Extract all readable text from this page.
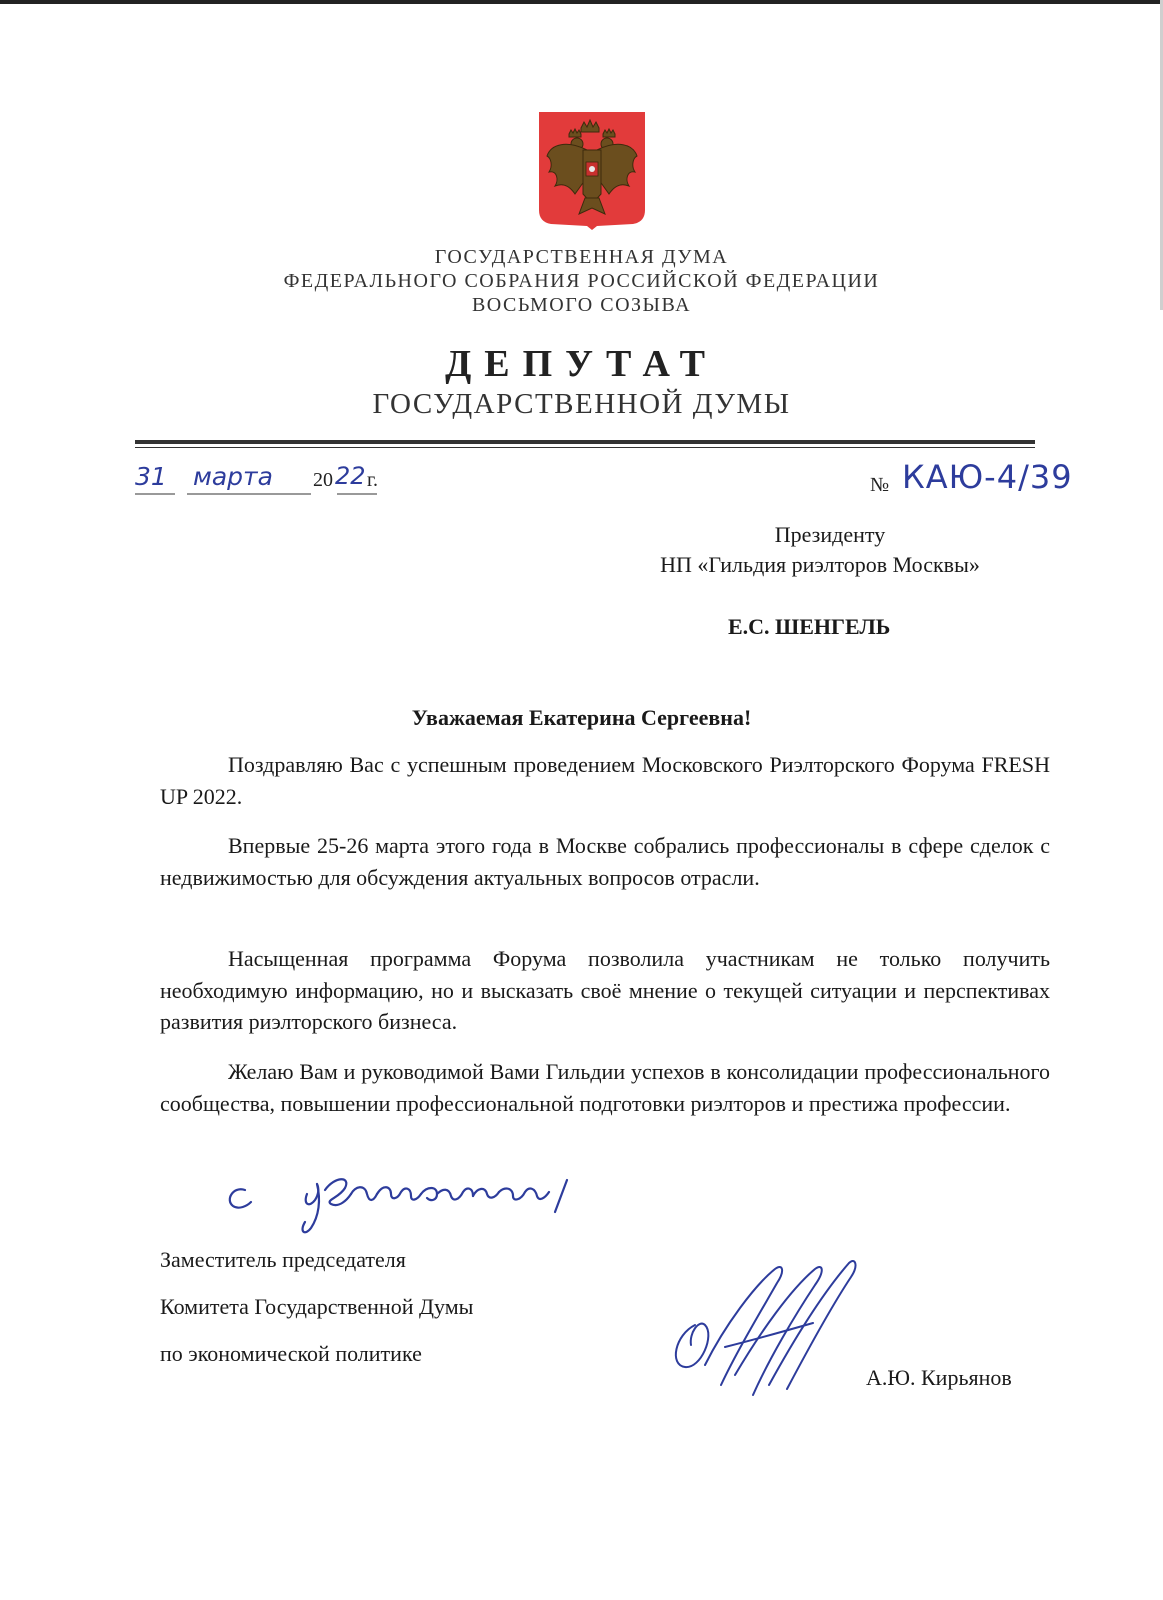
ГОСУДАРСТВЕННАЯ ДУМА
ФЕДЕРАЛЬНОГО СОБРАНИЯ РОССИЙСКОЙ ФЕДЕРАЦИИ
ВОСЬМОГО СОЗЫВА
ДЕПУТАТ
ГОСУДАРСТВЕННОЙ ДУМЫ
31 марта 20 22 г.	№ КАЮ-4/39
Президенту
НП «Гильдия риэлторов Москвы»
Е.С. ШЕНГЕЛЬ
Уважаемая Екатерина Сергеевна!

Поздравляю Вас с успешным проведением Московского Риэлторского Форума FRESH UP 2022.

Впервые 25-26 марта этого года в Москве собрались профессионалы в сфере сделок с недвижимостью для обсуждения актуальных вопросов отрасли.

Насыщенная программа Форума позволила участникам не только получить необходимую информацию, но и высказать своё мнение о текущей ситуации и перспективах развития риэлторского бизнеса.

Желаю Вам и руководимой Вами Гильдии успехов в консолидации профессионального сообщества, повышении профессиональной подготовки риэлторов и престижа профессии.

Заместитель председателя
Комитета Государственной Думы
по экономической политике
А.Ю. Кирьянов
